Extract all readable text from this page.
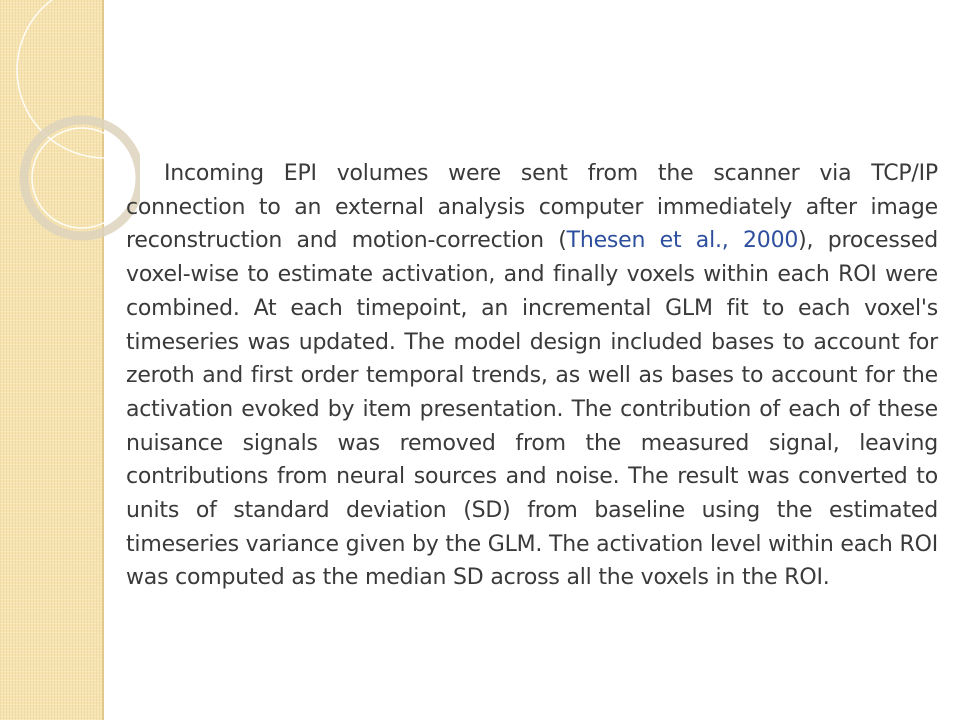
Incoming EPI volumes were sent from the scanner via TCP/IP connection to an external analysis computer immediately after image reconstruction and motion-correction (Thesen et al., 2000), processed voxel-wise to estimate activation, and finally voxels within each ROI were combined. At each timepoint, an incremental GLM fit to each voxel's timeseries was updated. The model design included bases to account for zeroth and first order temporal trends, as well as bases to account for the activation evoked by item presentation. The contribution of each of these nuisance signals was removed from the measured signal, leaving contributions from neural sources and noise. The result was converted to units of standard deviation (SD) from baseline using the estimated timeseries variance given by the GLM. The activation level within each ROI was computed as the median SD across all the voxels in the ROI.
